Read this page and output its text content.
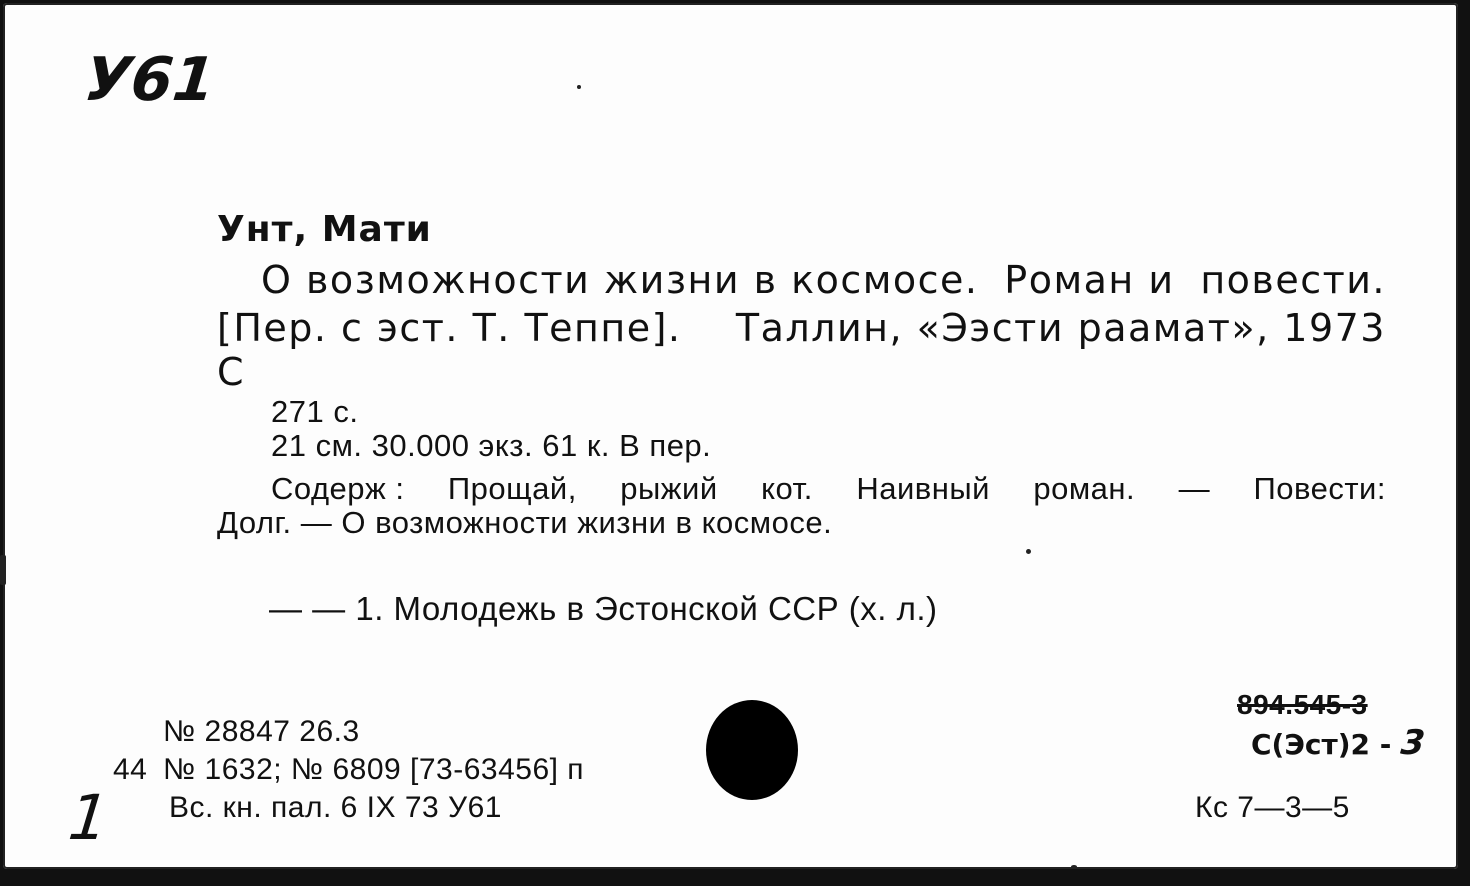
У61
Унт, Мати
О возможности жизни в космосе. Роман и повести.
[Пер. с эст. Т. Теппе]. Таллин, «Ээсти раамат», 1973
С
271 с.
21 см. 30.000 экз. 61 к. В пер.
Содерж : Прощай, рыжий кот. Наивный роман. — Повести:
Долг. — О возможности жизни в космосе.
— — 1. Молодежь в Эстонской ССР (х. л.)
№ 28847 26.3
44 № 1632; № 6809 [73-63456] п
Вс. кн. пал. 6 IX 73 У61
1
894.545-3
С(Эст)2 - 3
Кс 7—3—5
